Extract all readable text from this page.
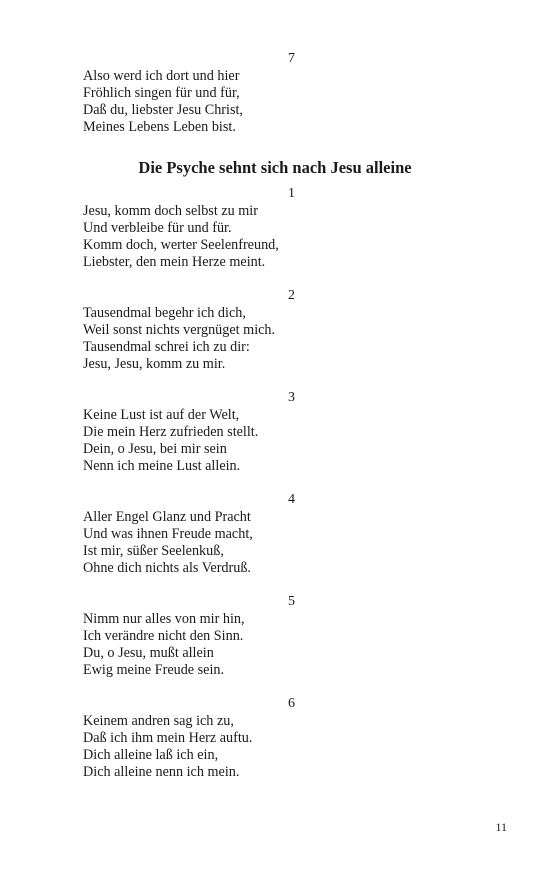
7
Also werd ich dort und hier
Fröhlich singen für und für,
Daß du, liebster Jesu Christ,
Meines Lebens Leben bist.
Die Psyche sehnt sich nach Jesu alleine
1
Jesu, komm doch selbst zu mir
Und verbleibe für und für.
Komm doch, werter Seelenfreund,
Liebster, den mein Herze meint.
2
Tausendmal begehr ich dich,
Weil sonst nichts vergnüget mich.
Tausendmal schrei ich zu dir:
Jesu, Jesu, komm zu mir.
3
Keine Lust ist auf der Welt,
Die mein Herz zufrieden stellt.
Dein, o Jesu, bei mir sein
Nenn ich meine Lust allein.
4
Aller Engel Glanz und Pracht
Und was ihnen Freude macht,
Ist mir, süßer Seelenkuß,
Ohne dich nichts als Verdruß.
5
Nimm nur alles von mir hin,
Ich verändre nicht den Sinn.
Du, o Jesu, mußt allein
Ewig meine Freude sein.
6
Keinem andren sag ich zu,
Daß ich ihm mein Herz auftu.
Dich alleine laß ich ein,
Dich alleine nenn ich mein.
11
